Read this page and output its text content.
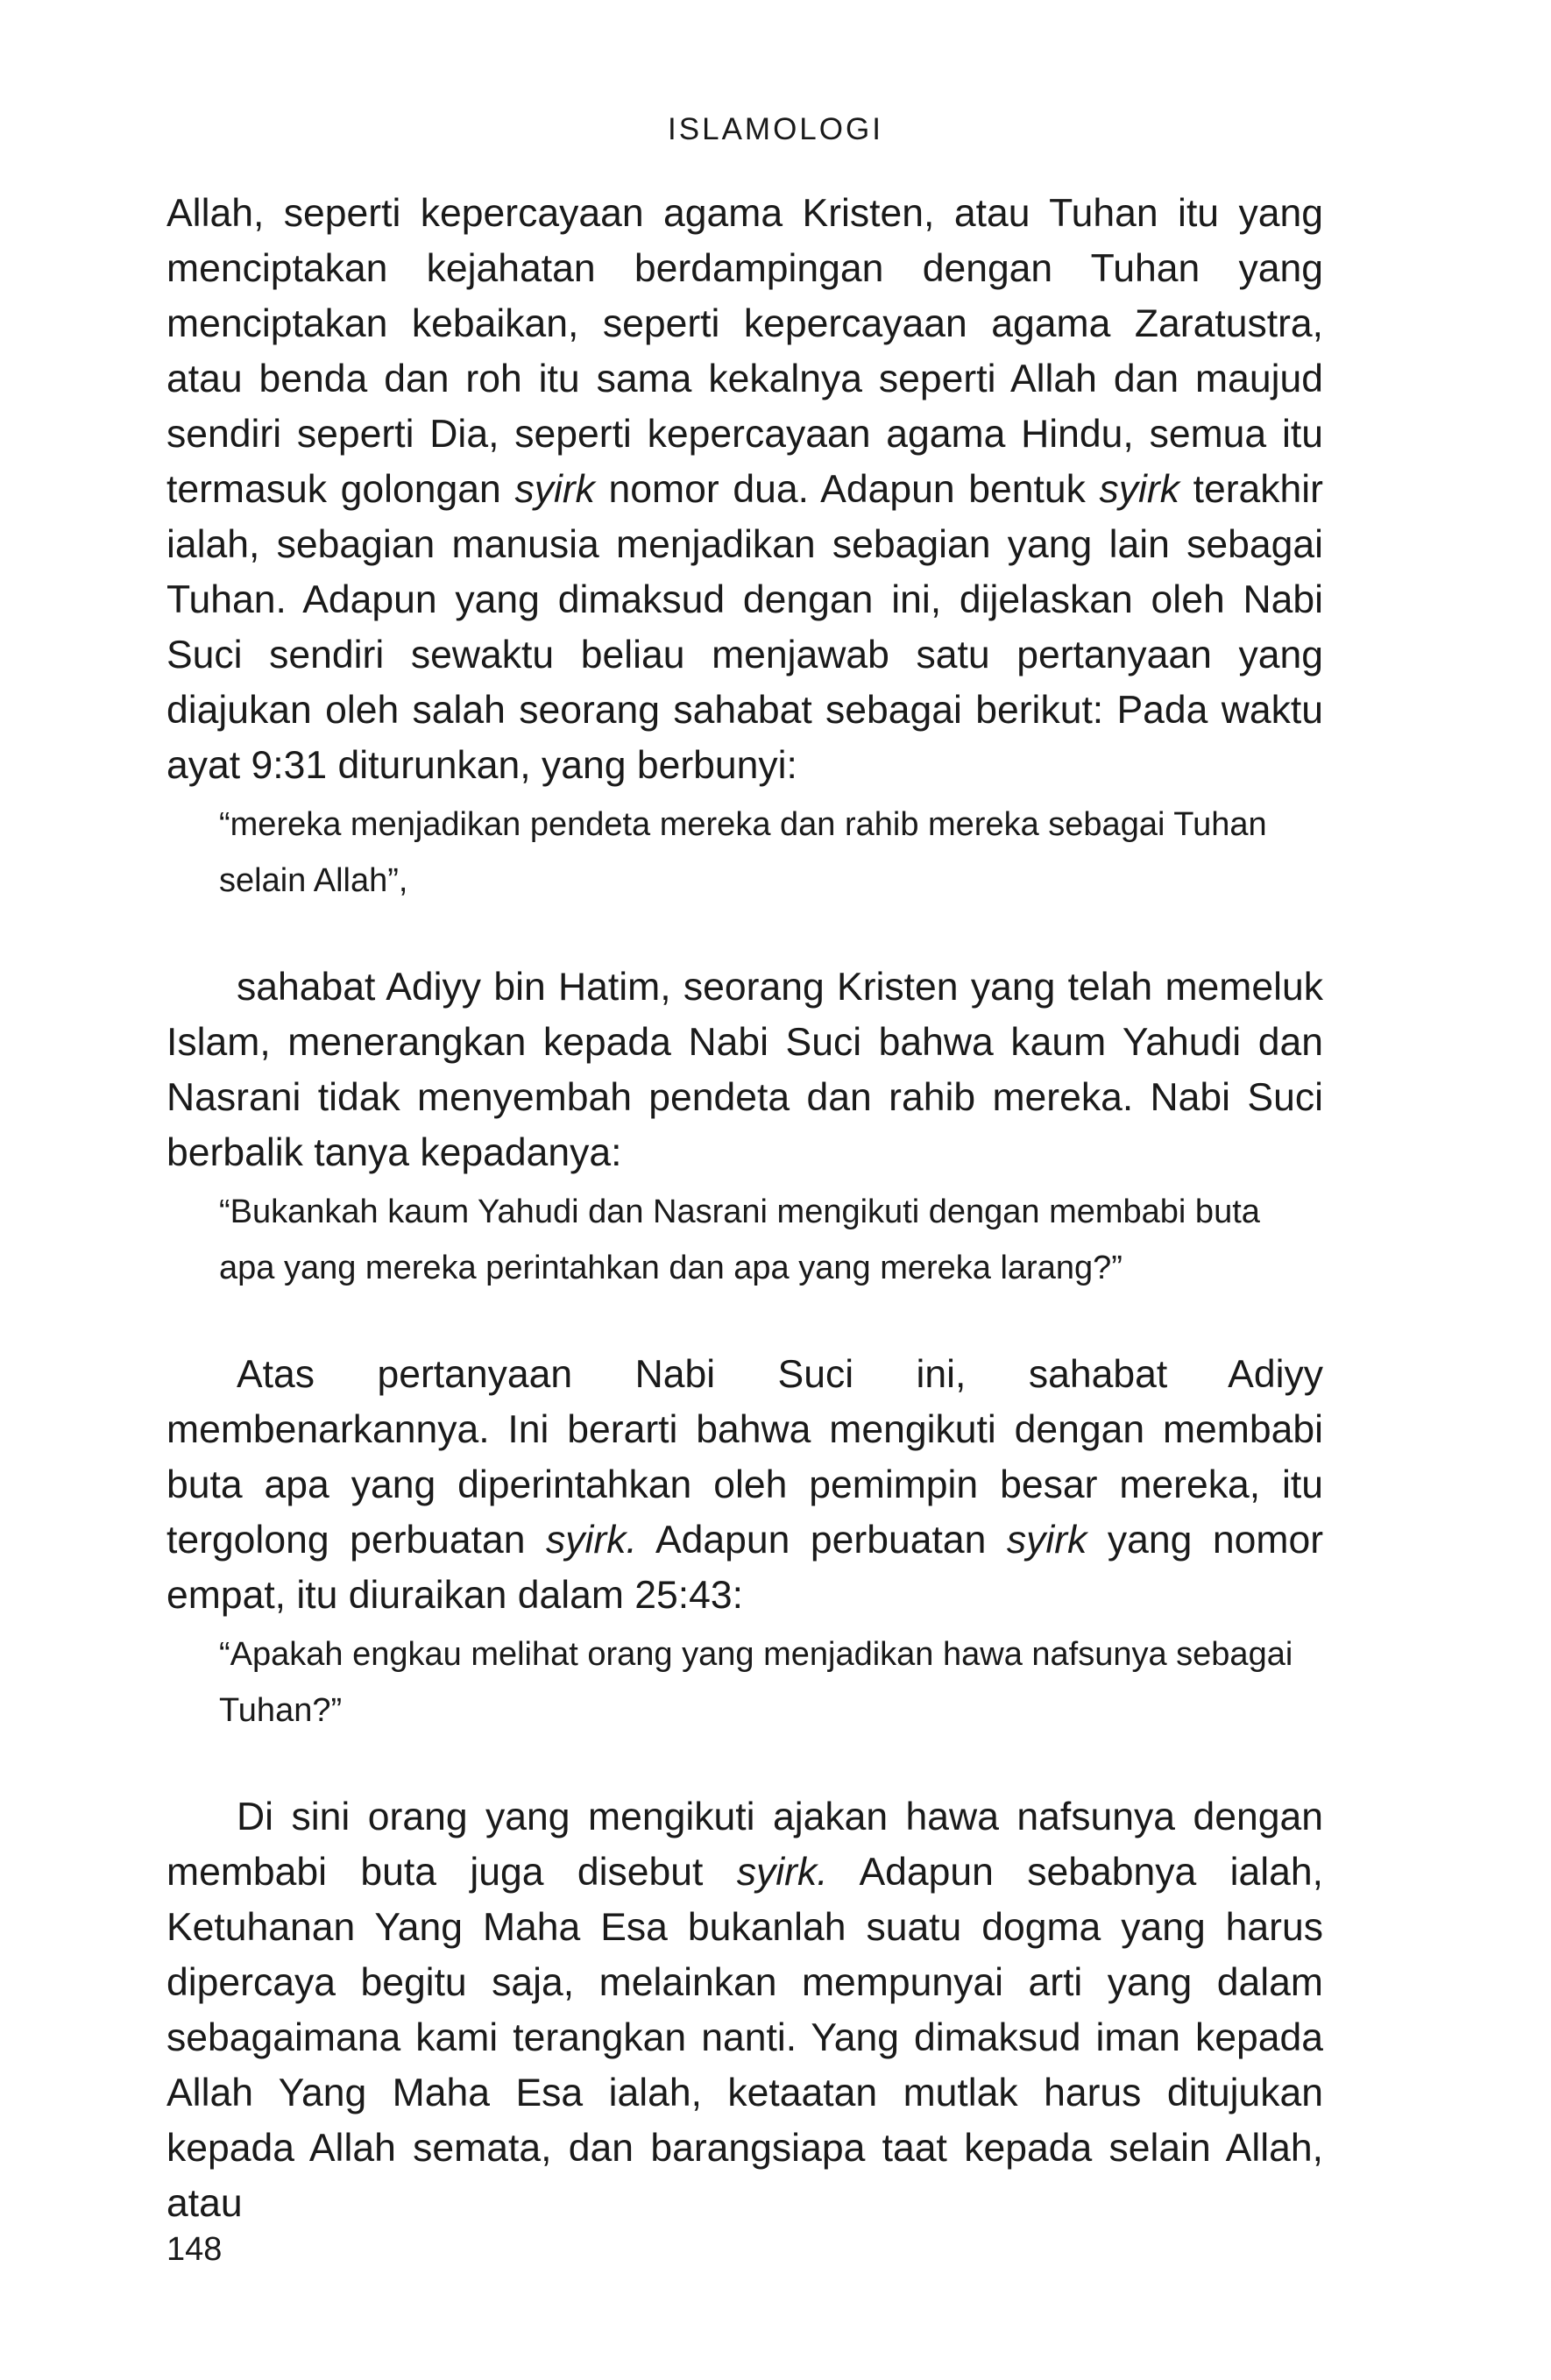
ISLAMOLOGI

Allah, seperti kepercayaan agama Kristen, atau Tuhan itu yang menciptakan kejahatan berdampingan dengan Tuhan yang menciptakan kebaikan, seperti kepercayaan agama Zaratustra, atau benda dan roh itu sama kekalnya seperti Allah dan maujud sendiri seperti Dia, seperti kepercayaan agama Hindu, semua itu termasuk golongan syirk nomor dua. Adapun bentuk syirk terakhir ialah, sebagian manusia menjadikan sebagian yang lain sebagai Tuhan. Adapun yang dimaksud dengan ini, dijelaskan oleh Nabi Suci sendiri sewaktu beliau menjawab satu pertanyaan yang diajukan oleh salah seorang sahabat sebagai berikut: Pada waktu ayat 9:31 diturunkan, yang berbunyi:

“mereka menjadikan pendeta mereka dan rahib mereka sebagai Tuhan selain Allah”,

sahabat Adiyy bin Hatim, seorang Kristen yang telah memeluk Islam, menerangkan kepada Nabi Suci bahwa kaum Yahudi dan Nasrani tidak menyembah pendeta dan rahib mereka. Nabi Suci berbalik tanya kepadanya:

“Bukankah kaum Yahudi dan Nasrani mengikuti dengan membabi buta apa yang mereka perintahkan dan apa yang mereka larang?”

Atas pertanyaan Nabi Suci ini, sahabat Adiyy membenarkannya. Ini berarti bahwa mengikuti dengan membabi buta apa yang diperintahkan oleh pemimpin besar mereka, itu tergolong perbuatan syirk. Adapun perbuatan syirk yang nomor empat, itu diuraikan dalam 25:43:

“Apakah engkau melihat orang yang menjadikan hawa nafsunya sebagai Tuhan?”

Di sini orang yang mengikuti ajakan hawa nafsunya dengan membabi buta juga disebut syirk. Adapun sebabnya ialah, Ketuhanan Yang Maha Esa bukanlah suatu dogma yang harus dipercaya begitu saja, melainkan mempunyai arti yang dalam sebagaimana kami terangkan nanti. Yang dimaksud iman kepada Allah Yang Maha Esa ialah, ketaatan mutlak harus ditujukan kepada Allah semata, dan barangsiapa taat kepada selain Allah, atau

148
